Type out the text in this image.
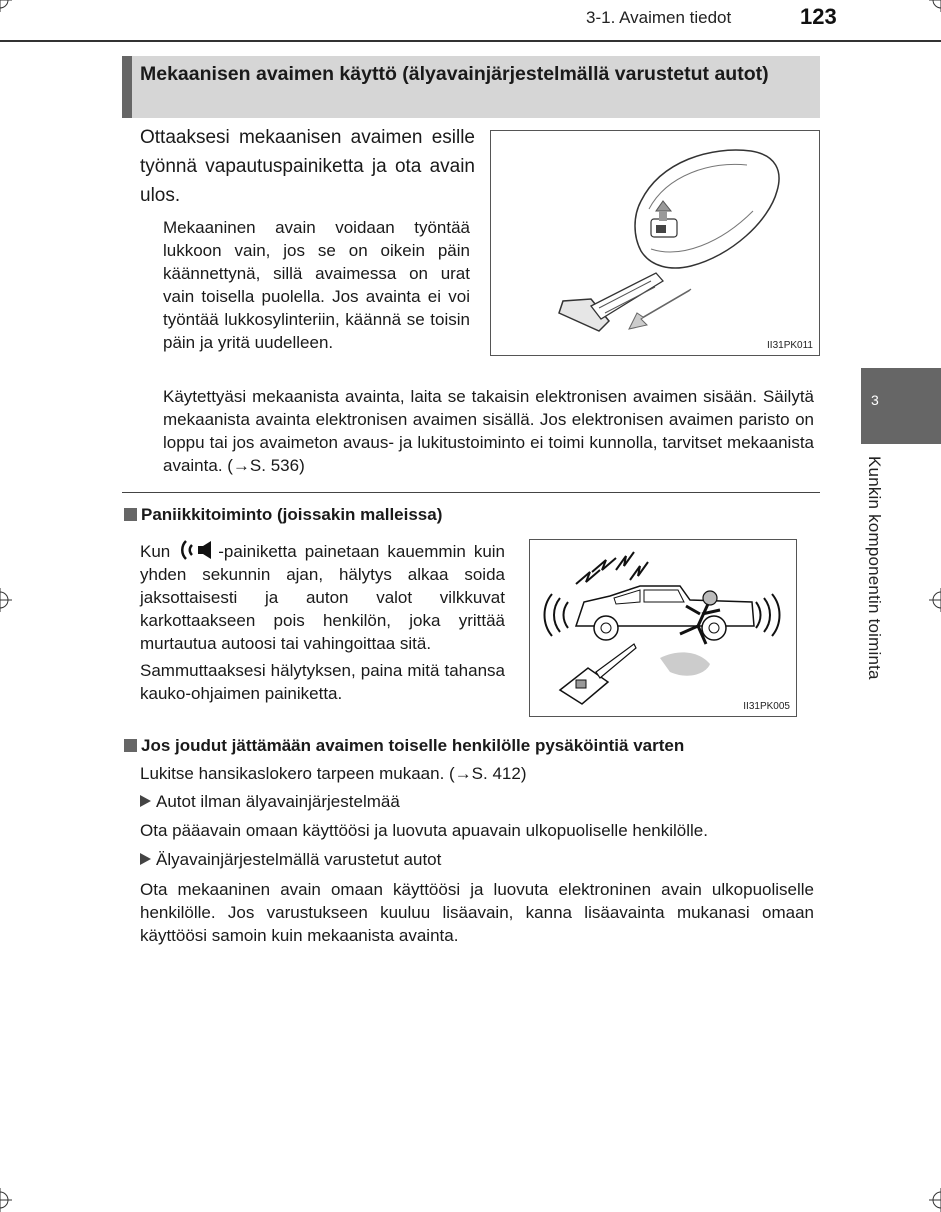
3-1. Avaimen tiedot	123
3
Kunkin komponentin toiminta
Mekaanisen avaimen käyttö (älyavainjärjestelmällä varustetut autot)
Ottaaksesi mekaanisen avaimen esille työnnä vapautuspainiketta ja ota avain ulos.
Mekaaninen avain voidaan työntää lukkoon vain, jos se on oikein päin käännettynä, sillä avaimessa on urat vain toisella puolella. Jos avainta ei voi työntää lukkosylinteriin, käännä se toisin päin ja yritä uudelleen.	II31PK011
Käytettyäsi mekaanista avainta, laita se takaisin elektronisen avaimen sisään. Säilytä mekaanista avainta elektronisen avaimen sisällä. Jos elektronisen avaimen paristo on loppu tai jos avaimeton avaus- ja lukitustoiminto ei toimi kunnolla, tarvitset mekaanista avainta. (→S. 536)
Paniikkitoiminto (joissakin malleissa)
Kun	-painiketta painetaan kauemmin kuin yhden sekunnin ajan, hälytys alkaa soida jaksottaisesti ja auton valot vilkkuvat karkottaakseen pois henkilön, joka yrittää murtautua autoosi tai vahingoittaa sitä.
Sammuttaaksesi hälytyksen, paina mitä tahansa kauko-ohjaimen painiketta.
II31PK005
Jos joudut jättämään avaimen toiselle henkilölle pysäköintiä varten
Lukitse hansikaslokero tarpeen mukaan. (→S. 412)
Autot ilman älyavainjärjestelmää
Ota pääavain omaan käyttöösi ja luovuta apuavain ulkopuoliselle henkilölle.
Älyavainjärjestelmällä varustetut autot
Ota mekaaninen avain omaan käyttöösi ja luovuta elektroninen avain ulkopuoliselle henkilölle. Jos varustukseen kuuluu lisäavain, kanna lisäavainta mukanasi omaan käyttöösi samoin kuin mekaanista avainta.
